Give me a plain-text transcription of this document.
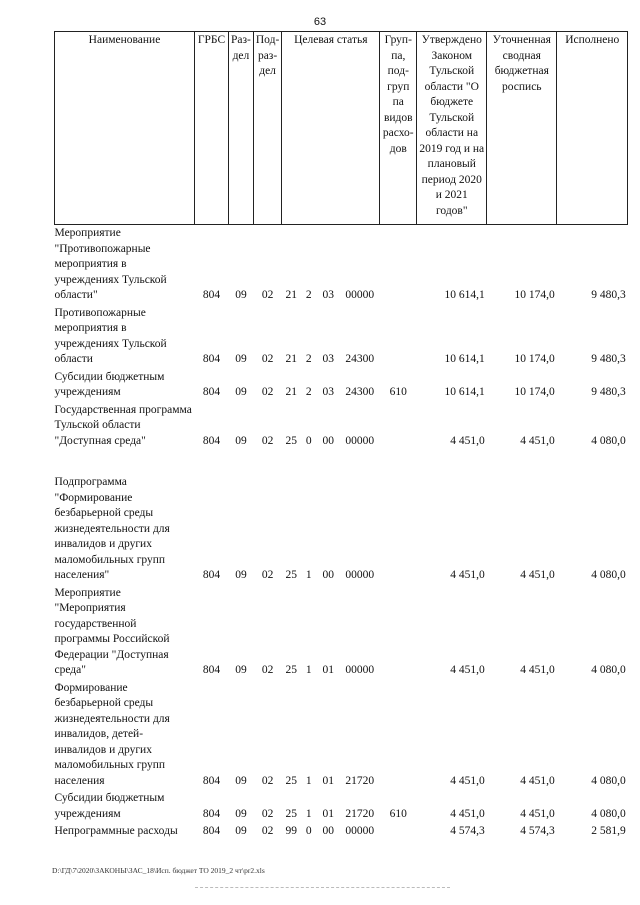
63
Наименование	ГРБС	Раз- дел	Под- раз- дел	Целевая статья				Груп- па, под- груп па видов расхо- дов	Утверждено Законом Тульской области "О бюджете Тульской области на 2019 год и на плановый период 2020 и 2021 годов"	Уточненная сводная бюджетная роспись	Исполнено

Мероприятие "Противопожарные мероприятия в учреждениях Тульской области"	804	09	02	21	2	03	00000		10 614,1	10 174,0	9 480,3
Противопожарные мероприятия в учреждениях Тульской области	804	09	02	21	2	03	24300		10 614,1	10 174,0	9 480,3
Субсидии бюджетным учреждениям	804	09	02	21	2	03	24300	610	10 614,1	10 174,0	9 480,3
Государственная программа Тульской области "Доступная среда"	804	09	02	25	0	00	00000		4 451,0	4 451,0	4 080,0
Подпрограмма "Формирование безбарьерной среды жизнедеятельности для инвалидов и других маломобильных групп населения"	804	09	02	25	1	00	00000		4 451,0	4 451,0	4 080,0
Мероприятие "Мероприятия государственной программы Российской Федерации "Доступная среда"	804	09	02	25	1	01	00000		4 451,0	4 451,0	4 080,0
Формирование безбарьерной среды жизнедеятельности для инвалидов, детей-инвалидов и других маломобильных групп населения	804	09	02	25	1	01	21720		4 451,0	4 451,0	4 080,0
Субсидии бюджетным учреждениям	804	09	02	25	1	01	21720	610	4 451,0	4 451,0	4 080,0
Непрограммные расходы	804	09	02	99	0	00	00000		4 574,3	4 574,3	2 581,9
D:\ГД\7\2020\ЗАКОНЫ\ЗАС_18\Исп. бюджет ТО 2019_2 чт\pr2.xls
